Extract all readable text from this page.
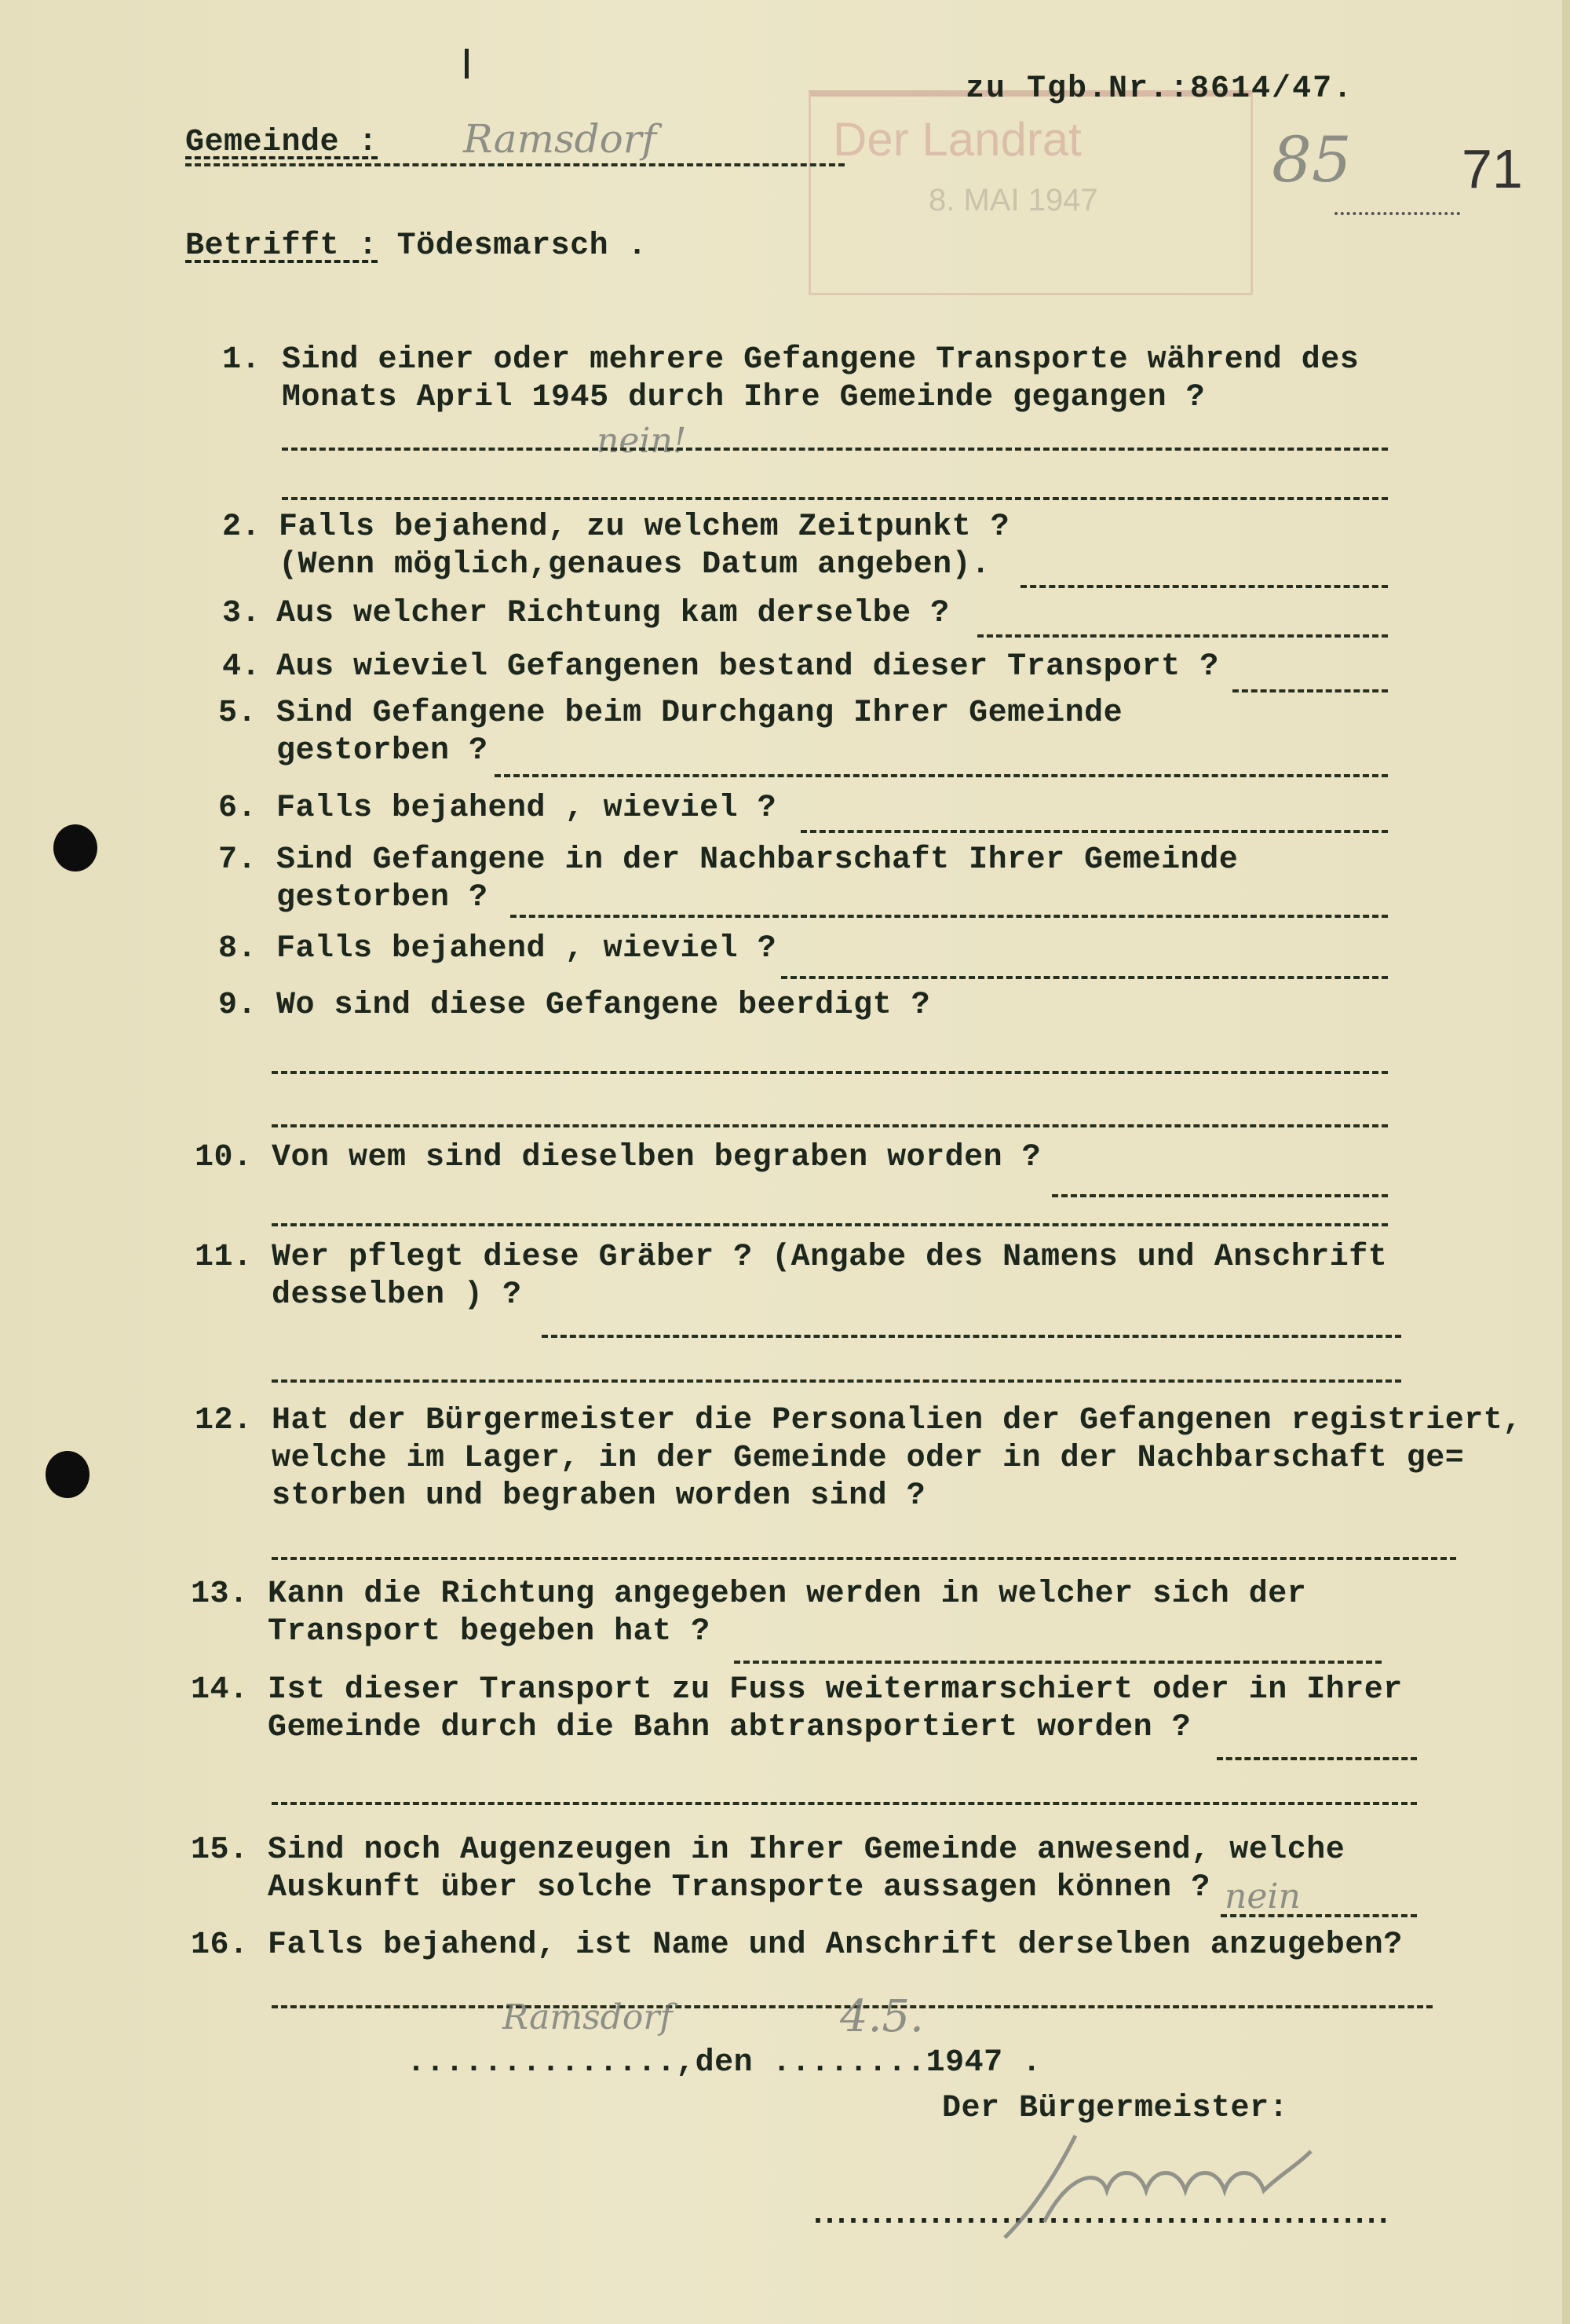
Der Landrat
8. MAI 1947
zu Tgb.Nr.:8614/47.
Gemeinde : Ramsdorf	85 71
Betrifft : Tödesmarsch .
1. Sind einer oder mehrere Gefangene Transporte während des
Monats April 1945 durch Ihre Gemeinde gegangen ?
nein!
2. Falls bejahend, zu welchem Zeitpunkt ?
(Wenn möglich,genaues Datum angeben).
3. Aus welcher Richtung kam derselbe ?
4. Aus wieviel Gefangenen bestand dieser Transport ?
5. Sind Gefangene beim Durchgang Ihrer Gemeinde
gestorben ?
6. Falls bejahend , wieviel ?
7. Sind Gefangene in der Nachbarschaft Ihrer Gemeinde
gestorben ?
8. Falls bejahend , wieviel ?
9. Wo sind diese Gefangene beerdigt ?
10. Von wem sind dieselben begraben worden ?
11. Wer pflegt diese Gräber ? (Angabe des Namens und Anschrift
desselben ) ?
12. Hat der Bürgermeister die Personalien der Gefangenen registriert,
welche im Lager, in der Gemeinde oder in der Nachbarschaft ge=
storben und begraben worden sind ?
13. Kann die Richtung angegeben werden in welcher sich der
Transport begeben hat ?
14. Ist dieser Transport zu Fuss weitermarschiert oder in Ihrer
Gemeinde durch die Bahn abtransportiert worden ?
15. Sind noch Augenzeugen in Ihrer Gemeinde anwesend, welche
Auskunft über solche Transporte aussagen können ? nein
16. Falls bejahend, ist Name und Anschrift derselben anzugeben?
Ramsdorf	4.5.
..............,den ........1947 .
Der Bürgermeister:
.................................................
